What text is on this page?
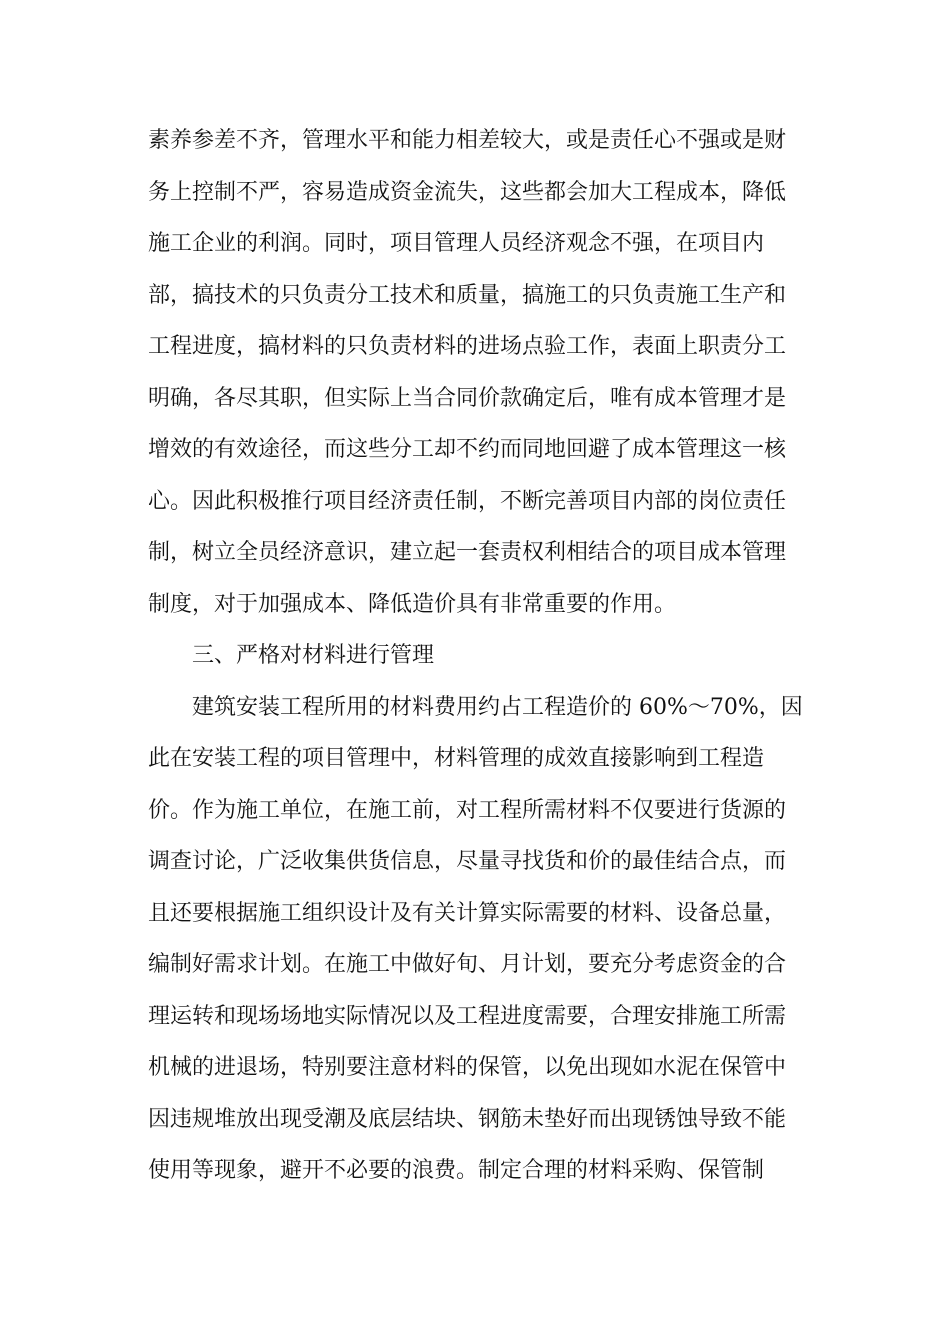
素养参差不齐，管理水平和能力相差较大，或是责任心不强或是财
务上控制不严，容易造成资金流失，这些都会加大工程成本，降低
施工企业的利润。同时，项目管理人员经济观念不强，在项目内
部，搞技术的只负责分工技术和质量，搞施工的只负责施工生产和
工程进度，搞材料的只负责材料的进场点验工作，表面上职责分工
明确，各尽其职，但实际上当合同价款确定后，唯有成本管理才是
增效的有效途径，而这些分工却不约而同地回避了成本管理这一核
心。因此积极推行项目经济责任制，不断完善项目内部的岗位责任
制，树立全员经济意识，建立起一套责权利相结合的项目成本管理
制度，对于加强成本、降低造价具有非常重要的作用。
三、严格对材料进行管理
建筑安装工程所用的材料费用约占工程造价的 60%～70%，因
此在安装工程的项目管理中，材料管理的成效直接影响到工程造
价。作为施工单位，在施工前，对工程所需材料不仅要进行货源的
调查讨论，广泛收集供货信息，尽量寻找货和价的最佳结合点，而
且还要根据施工组织设计及有关计算实际需要的材料、设备总量，
编制好需求计划。在施工中做好旬、月计划，要充分考虑资金的合
理运转和现场场地实际情况以及工程进度需要，合理安排施工所需
机械的进退场，特别要注意材料的保管，以免出现如水泥在保管中
因违规堆放出现受潮及底层结块、钢筋未垫好而出现锈蚀导致不能
使用等现象，避开不必要的浪费。制定合理的材料采购、保管制
